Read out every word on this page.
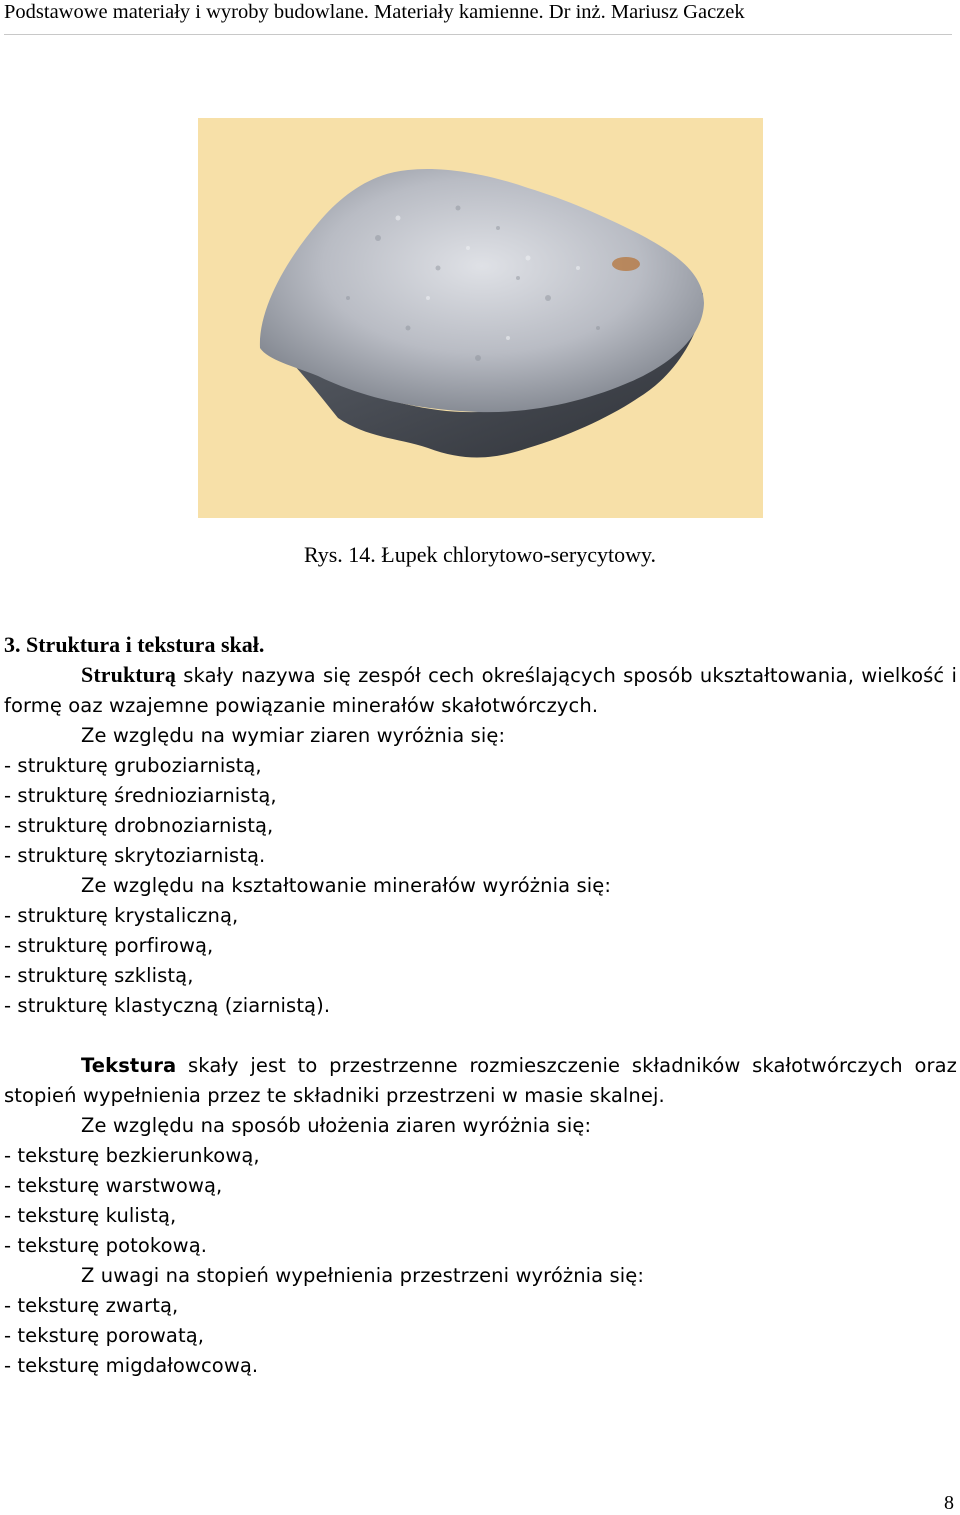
Podstawowe materiały i wyroby budowlane. Materiały kamienne. Dr inż. Mariusz Gaczek
Rys. 14. Łupek chlorytowo-serycytowy.

3. Struktura i tekstura skał.

Strukturą skały nazywa się zespół cech określających sposób ukształtowania, wielkość i formę oaz wzajemne powiązanie minerałów skałotwórczych.

Ze względu na wymiar ziaren wyróżnia się:

- strukturę gruboziarnistą,

- strukturę średnioziarnistą,

- strukturę drobnoziarnistą,

- strukturę skrytoziarnistą.

Ze względu na kształtowanie minerałów wyróżnia się:

- strukturę krystaliczną,

- strukturę porfirową,

- strukturę szklistą,

- strukturę klastyczną (ziarnistą).

Tekstura skały jest to przestrzenne rozmieszczenie składników skałotwórczych oraz stopień wypełnienia przez te składniki przestrzeni w masie skalnej.

Ze względu na sposób ułożenia ziaren wyróżnia się:

- teksturę bezkierunkową,

- teksturę warstwową,

- teksturę kulistą,

- teksturę potokową.

Z uwagi na stopień wypełnienia przestrzeni wyróżnia się:

- teksturę zwartą,

- teksturę porowatą,

- teksturę migdałowcową.

8
